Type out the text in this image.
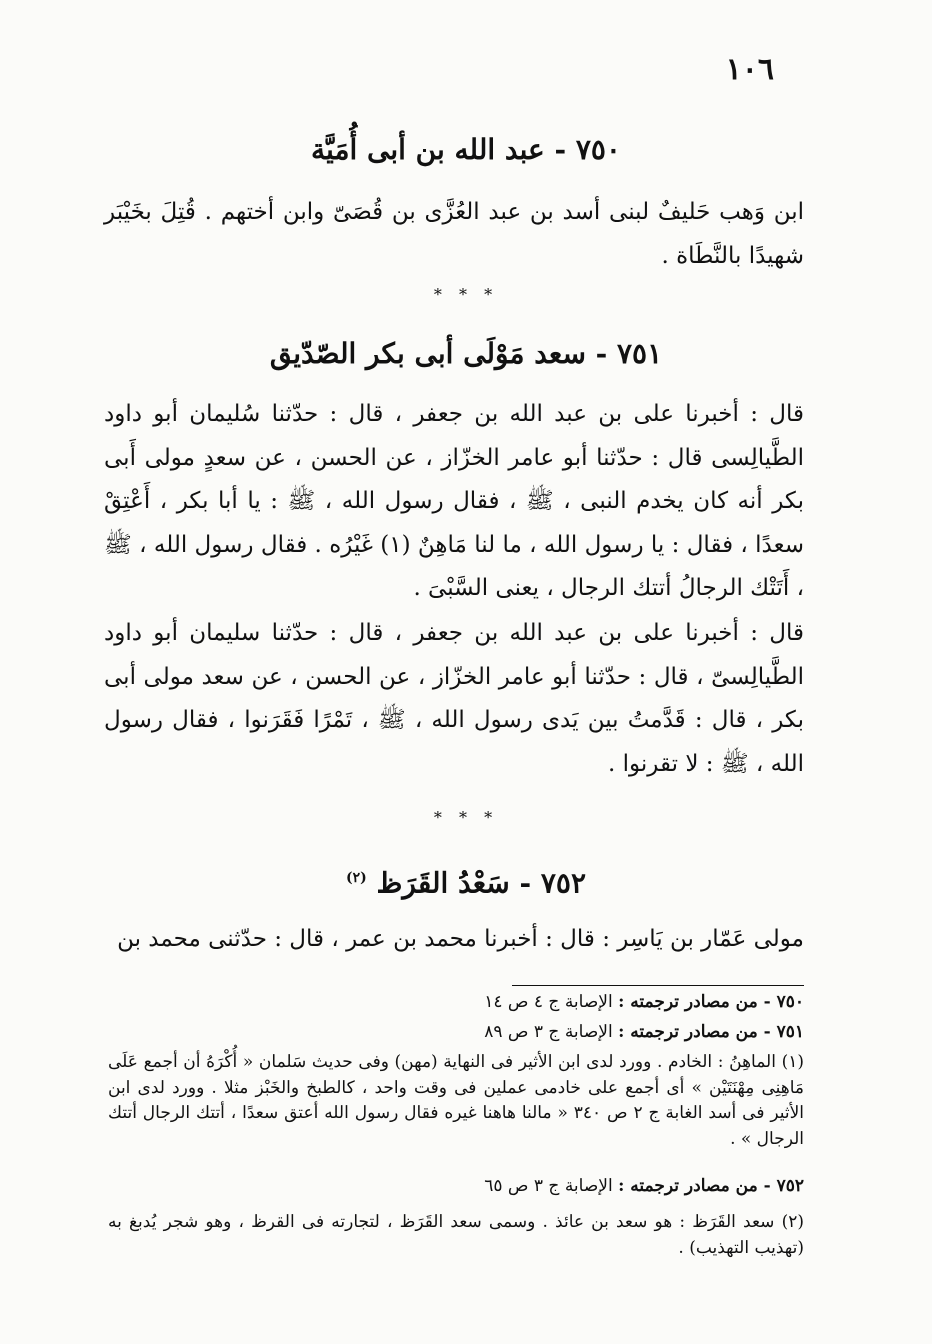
١٠٦
٧٥٠ - عبد الله بن أبى أُمَيَّة
ابن وَهب حَليفٌ لبنى أسد بن عبد العُزَّى بن قُصَىّ وابن أختهم . قُتِلَ بخَيْبَر شهيدًا بالنَّطَاة .
* * *
٧٥١ - سعد مَوْلَى أبى بكر الصّدّيق
قال : أخبرنا على بن عبد الله بن جعفر ، قال : حدّثنا سُليمان أبو داود الطَّيالِسى قال : حدّثنا أبو عامر الخزّاز ، عن الحسن ، عن سعدٍ مولى أَبى بكر أنه كان يخدم النبى ، ﷺ ، فقال رسول الله ، ﷺ : يا أبا بكر ، أَعْتِقْ سعدًا ، فقال : يا رسول الله ، ما لنا مَاهِنٌ (١) غَيْرُه . فقال رسول الله ، ﷺ ، أَتَتْك الرجالُ أتتك الرجال ، يعنى السَّبْىَ .
قال : أخبرنا على بن عبد الله بن جعفر ، قال : حدّثنا سليمان أبو داود الطَّيالِسىّ ، قال : حدّثنا أبو عامر الخزّاز ، عن الحسن ، عن سعد مولى أبى بكر ، قال : قَدَّمتُ بين يَدى رسول الله ، ﷺ ، تَمْرًا فَقَرَنوا ، فقال رسول الله ، ﷺ : لا تقرنوا .
* * *
٧٥٢ - سَعْدُ القَرَظ $^{(٢)}$
مولى عَمّار بن يَاسِر : قال : أخبرنا محمد بن عمر ، قال : حدّثنى محمد بن
٧٥٠ - من مصادر ترجمته : الإصابة ج ٤ ص ١٤
٧٥١ - من مصادر ترجمته : الإصابة ج ٣ ص ٨٩
(١) الماهِنُ : الخادم . وورد لدى ابن الأثير فى النهاية (مهن) وفى حديث سَلمان « أُكْرَهُ أن أجمع عَلَى مَاهِنِى مِهْنَتَيْن » أى أجمع على خادمى عملين فى وقت واحد ، كالطبخ والخَبْز مثلا . وورد لدى ابن الأثير فى أسد الغابة ج ٢ ص ٣٤٠ « مالنا هاهنا غيره فقال رسول الله أعتق سعدًا ، أتتك الرجال أتتك الرجال » .
٧٥٢ - من مصادر ترجمته : الإصابة ج ٣ ص ٦٥
(٢) سعد القَرَظ : هو سعد بن عائذ . وسمى سعد القَرَظ ، لتجارته فى القرظ ، وهو شجر يُدبغ به (تهذيب التهذيب) .
